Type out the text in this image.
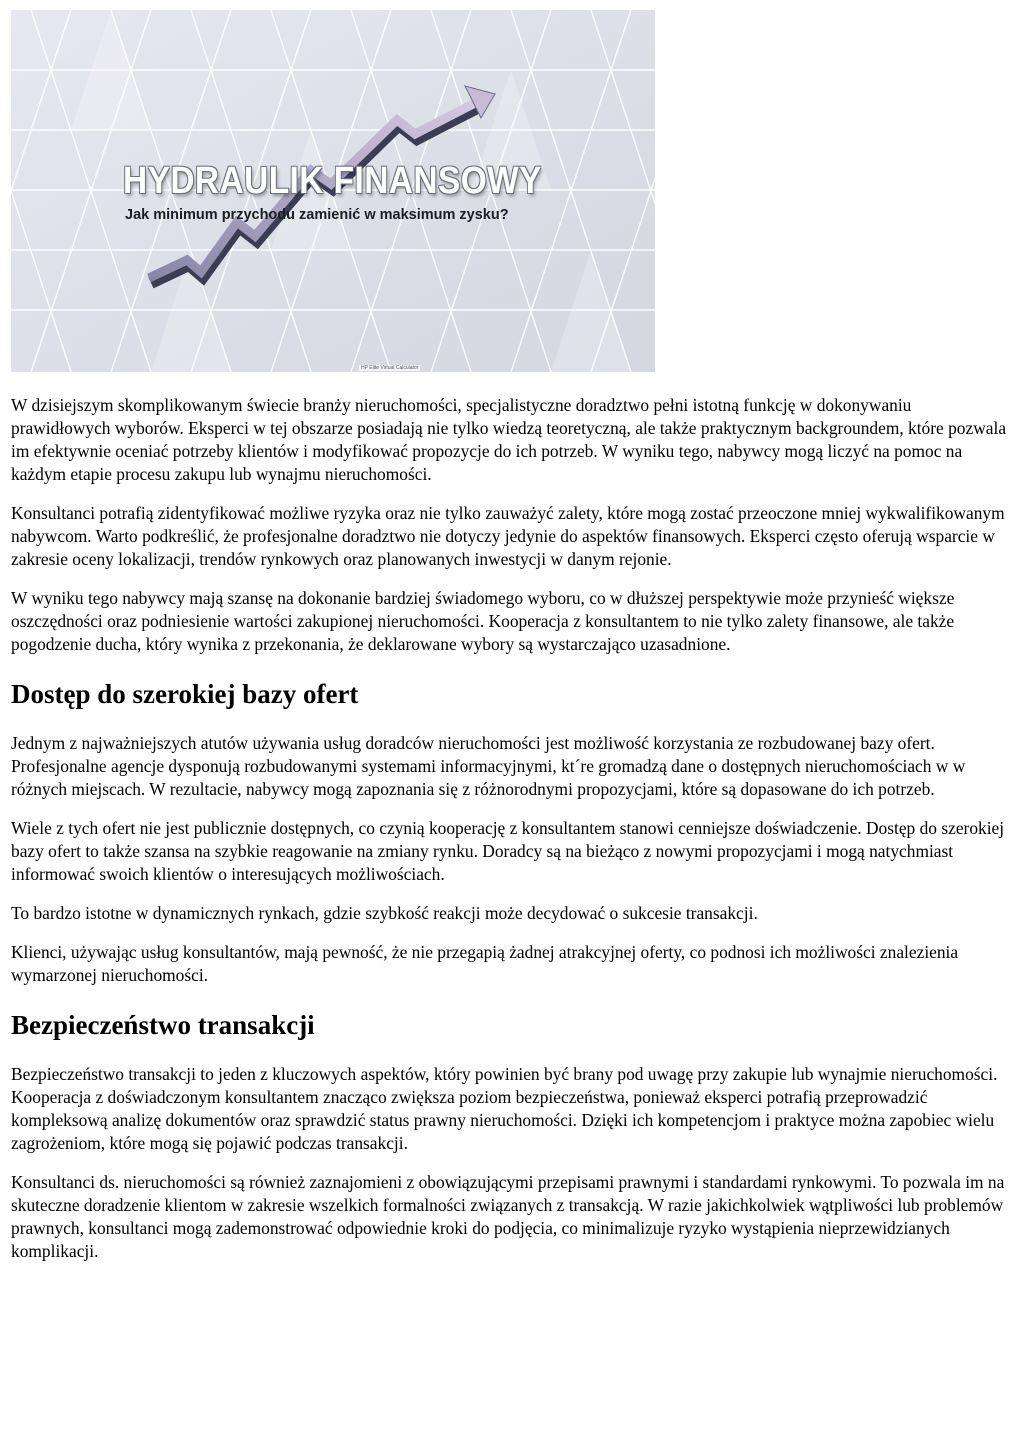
HYDRAULIK FINANSOWY
Jak minimum przychodu zamienić w maksimum zysku?
HP Elite Virtual Calculator

W dzisiejszym skomplikowanym świecie branży nieruchomości, specjalistyczne doradztwo pełni istotną funkcję w dokonywaniu prawidłowych wyborów. Eksperci w tej obszarze posiadają nie tylko wiedzą teoretyczną, ale także praktycznym backgroundem, które pozwala im efektywnie oceniać potrzeby klientów i modyfikować propozycje do ich potrzeb. W wyniku tego, nabywcy mogą liczyć na pomoc na każdym etapie procesu zakupu lub wynajmu nieruchomości.

Konsultanci potrafią zidentyfikować możliwe ryzyka oraz nie tylko zauważyć zalety, które mogą zostać przeoczone mniej wykwalifikowanym nabywcom. Warto podkreślić, że profesjonalne doradztwo nie dotyczy jedynie do aspektów finansowych. Eksperci często oferują wsparcie w zakresie oceny lokalizacji, trendów rynkowych oraz planowanych inwestycji w danym rejonie.

W wyniku tego nabywcy mają szansę na dokonanie bardziej świadomego wyboru, co w dłuższej perspektywie może przynieść większe oszczędności oraz podniesienie wartości zakupionej nieruchomości. Kooperacja z konsultantem to nie tylko zalety finansowe, ale także pogodzenie ducha, który wynika z przekonania, że deklarowane wybory są wystarczająco uzasadnione.

Dostęp do szerokiej bazy ofert

Jednym z najważniejszych atutów używania usług doradców nieruchomości jest możliwość korzystania ze rozbudowanej bazy ofert. Profesjonalne agencje dysponują rozbudowanymi systemami informacyjnymi, kt´re gromadzą dane o dostępnych nieruchomościach w w różnych miejscach. W rezultacie, nabywcy mogą zapoznania się z różnorodnymi propozycjami, które są dopasowane do ich potrzeb.

Wiele z tych ofert nie jest publicznie dostępnych, co czynią kooperację z konsultantem stanowi cenniejsze doświadczenie. Dostęp do szerokiej bazy ofert to także szansa na szybkie reagowanie na zmiany rynku. Doradcy są na bieżąco z nowymi propozycjami i mogą natychmiast informować swoich klientów o interesujących możliwościach.

To bardzo istotne w dynamicznych rynkach, gdzie szybkość reakcji może decydować o sukcesie transakcji.

Klienci, używając usług konsultantów, mają pewność, że nie przegapią żadnej atrakcyjnej oferty, co podnosi ich możliwości znalezienia wymarzonej nieruchomości.

Bezpieczeństwo transakcji

Bezpieczeństwo transakcji to jeden z kluczowych aspektów, który powinien być brany pod uwagę przy zakupie lub wynajmie nieruchomości. Kooperacja z doświadczonym konsultantem znacząco zwiększa poziom bezpieczeństwa, ponieważ eksperci potrafią przeprowadzić kompleksową analizę dokumentów oraz sprawdzić status prawny nieruchomości. Dzięki ich kompetencjom i praktyce można zapobiec wielu zagrożeniom, które mogą się pojawić podczas transakcji.

Konsultanci ds. nieruchomości są również zaznajomieni z obowiązującymi przepisami prawnymi i standardami rynkowymi. To pozwala im na skuteczne doradzenie klientom w zakresie wszelkich formalności związanych z transakcją. W razie jakichkolwiek wątpliwości lub problemów prawnych, konsultanci mogą zademonstrować odpowiednie kroki do podjęcia, co minimalizuje ryzyko wystąpienia nieprzewidzianych komplikacji.
